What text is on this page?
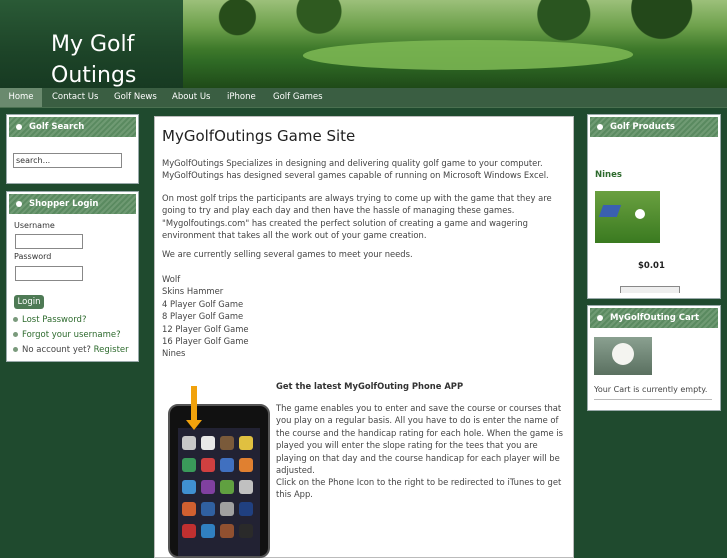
My Golf
Outings
Home	Contact Us Golf News About Us iPhone Golf Games
Golf Search
search...
Shopper Login
Username
Password
Login
Lost Password?
Forgot your username?
No account yet? Register
MyGolfOutings Game Site
MyGolfOutings Specializes in designing and delivering quality golf game to your computer. MyGolfOutings has designed several games capable of running on Microsoft Windows Excel.
On most golf trips the participants are always trying to come up with the game that they are going to try and play each day and then have the hassle of managing these games. "Mygolfoutings.com" has created the perfect solution of creating a game and wagering environment that takes all the work out of your game creation.
We are currently selling several games to meet your needs.
Wolf
Skins Hammer
4 Player Golf Game
8 Player Golf Game
12 Player Golf Game
16 Player Golf Game
Nines
Get the latest MyGolfOuting Phone APP
The game enables you to enter and save the course or courses that you play on a regular basis. All you have to do is enter the name of the course and the handicap rating for each hole. When the game is played you will enter the slope rating for the tees that you are playing on that day and the course handicap for each player will be adjusted.
Click on the Phone Icon to the right to be redirected to iTunes to get this App.
Golf Products
Nines
$0.01
MyGolfOuting Cart
Your Cart is currently empty.
